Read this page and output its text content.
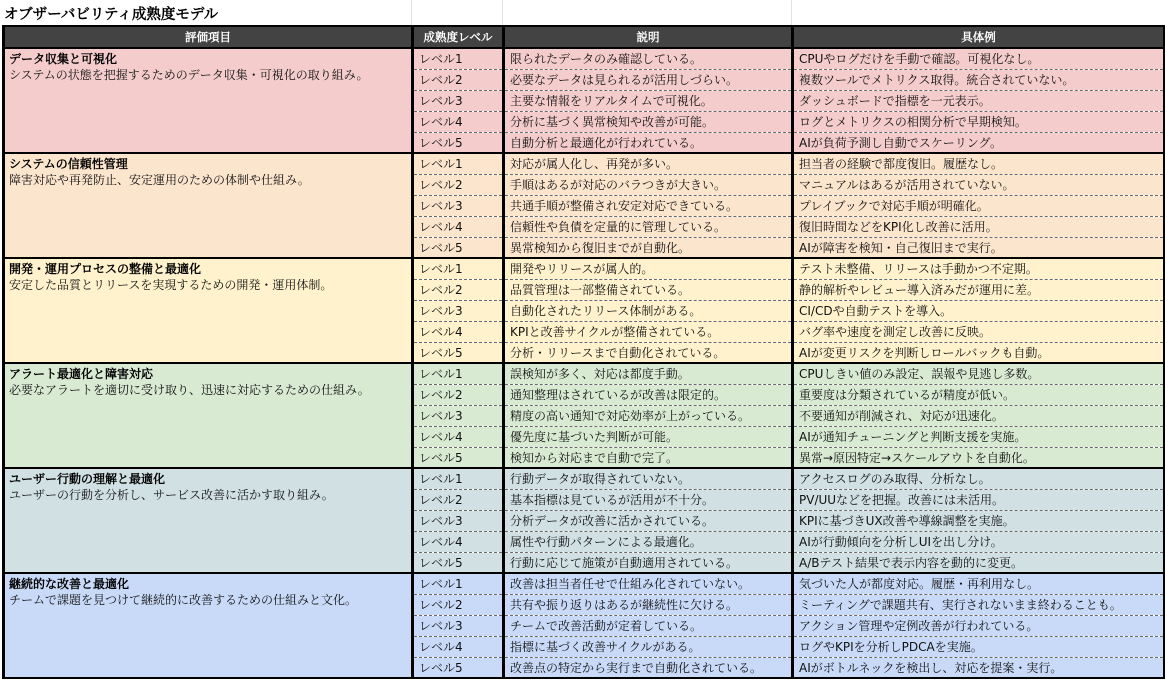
オブザーバビリティ成熟度モデル
評価項目	成熟度レベル	説明	具体例

データ収集と可視化
システムの状態を把握するためのデータ収集・可視化の取り組み。	レベル1	限られたデータのみ確認している。	CPUやログだけを手動で確認。可視化なし。
	レベル2	必要なデータは見られるが活用しづらい。	複数ツールでメトリクス取得。統合されていない。
	レベル3	主要な情報をリアルタイムで可視化。	ダッシュボードで指標を一元表示。
	レベル4	分析に基づく異常検知や改善が可能。	ログとメトリクスの相関分析で早期検知。
	レベル5	自動分析と最適化が行われている。	AIが負荷予測し自動でスケーリング。

システムの信頼性管理
障害対応や再発防止、安定運用のための体制や仕組み。	レベル1	対応が属人化し、再発が多い。	担当者の経験で都度復旧。履歴なし。
	レベル2	手順はあるが対応のバラつきが大きい。	マニュアルはあるが活用されていない。
	レベル3	共通手順が整備され安定対応できている。	プレイブックで対応手順が明確化。
	レベル4	信頼性や負債を定量的に管理している。	復旧時間などをKPI化し改善に活用。
	レベル5	異常検知から復旧までが自動化。	AIが障害を検知・自己復旧まで実行。

開発・運用プロセスの整備と最適化
安定した品質とリリースを実現するための開発・運用体制。	レベル1	開発やリリースが属人的。	テスト未整備、リリースは手動かつ不定期。
	レベル2	品質管理は一部整備されている。	静的解析やレビュー導入済みだが運用に差。
	レベル3	自動化されたリリース体制がある。	CI/CDや自動テストを導入。
	レベル4	KPIと改善サイクルが整備されている。	バグ率や速度を測定し改善に反映。
	レベル5	分析・リリースまで自動化されている。	AIが変更リスクを判断しロールバックも自動。

アラート最適化と障害対応
必要なアラートを適切に受け取り、迅速に対応するための仕組み。	レベル1	誤検知が多く、対応は都度手動。	CPUしきい値のみ設定、誤報や見逃し多数。
	レベル2	通知整理はされているが改善は限定的。	重要度は分類されているが精度が低い。
	レベル3	精度の高い通知で対応効率が上がっている。	不要通知が削減され、対応が迅速化。
	レベル4	優先度に基づいた判断が可能。	AIが通知チューニングと判断支援を実施。
	レベル5	検知から対応まで自動で完了。	異常→原因特定→スケールアウトを自動化。

ユーザー行動の理解と最適化
ユーザーの行動を分析し、サービス改善に活かす取り組み。	レベル1	行動データが取得されていない。	アクセスログのみ取得、分析なし。
	レベル2	基本指標は見ているが活用が不十分。	PV/UUなどを把握。改善には未活用。
	レベル3	分析データが改善に活かされている。	KPIに基づきUX改善や導線調整を実施。
	レベル4	属性や行動パターンによる最適化。	AIが行動傾向を分析しUIを出し分け。
	レベル5	行動に応じて施策が自動適用されている。	A/Bテスト結果で表示内容を動的に変更。

継続的な改善と最適化
チームで課題を見つけて継続的に改善するための仕組みと文化。	レベル1	改善は担当者任せで仕組み化されていない。	気づいた人が都度対応。履歴・再利用なし。
	レベル2	共有や振り返りはあるが継続性に欠ける。	ミーティングで課題共有、実行されないまま終わることも。
	レベル3	チームで改善活動が定着している。	アクション管理や定例改善が行われている。
	レベル4	指標に基づく改善サイクルがある。	ログやKPIを分析しPDCAを実施。
	レベル5	改善点の特定から実行まで自動化されている。	AIがボトルネックを検出し、対応を提案・実行。
